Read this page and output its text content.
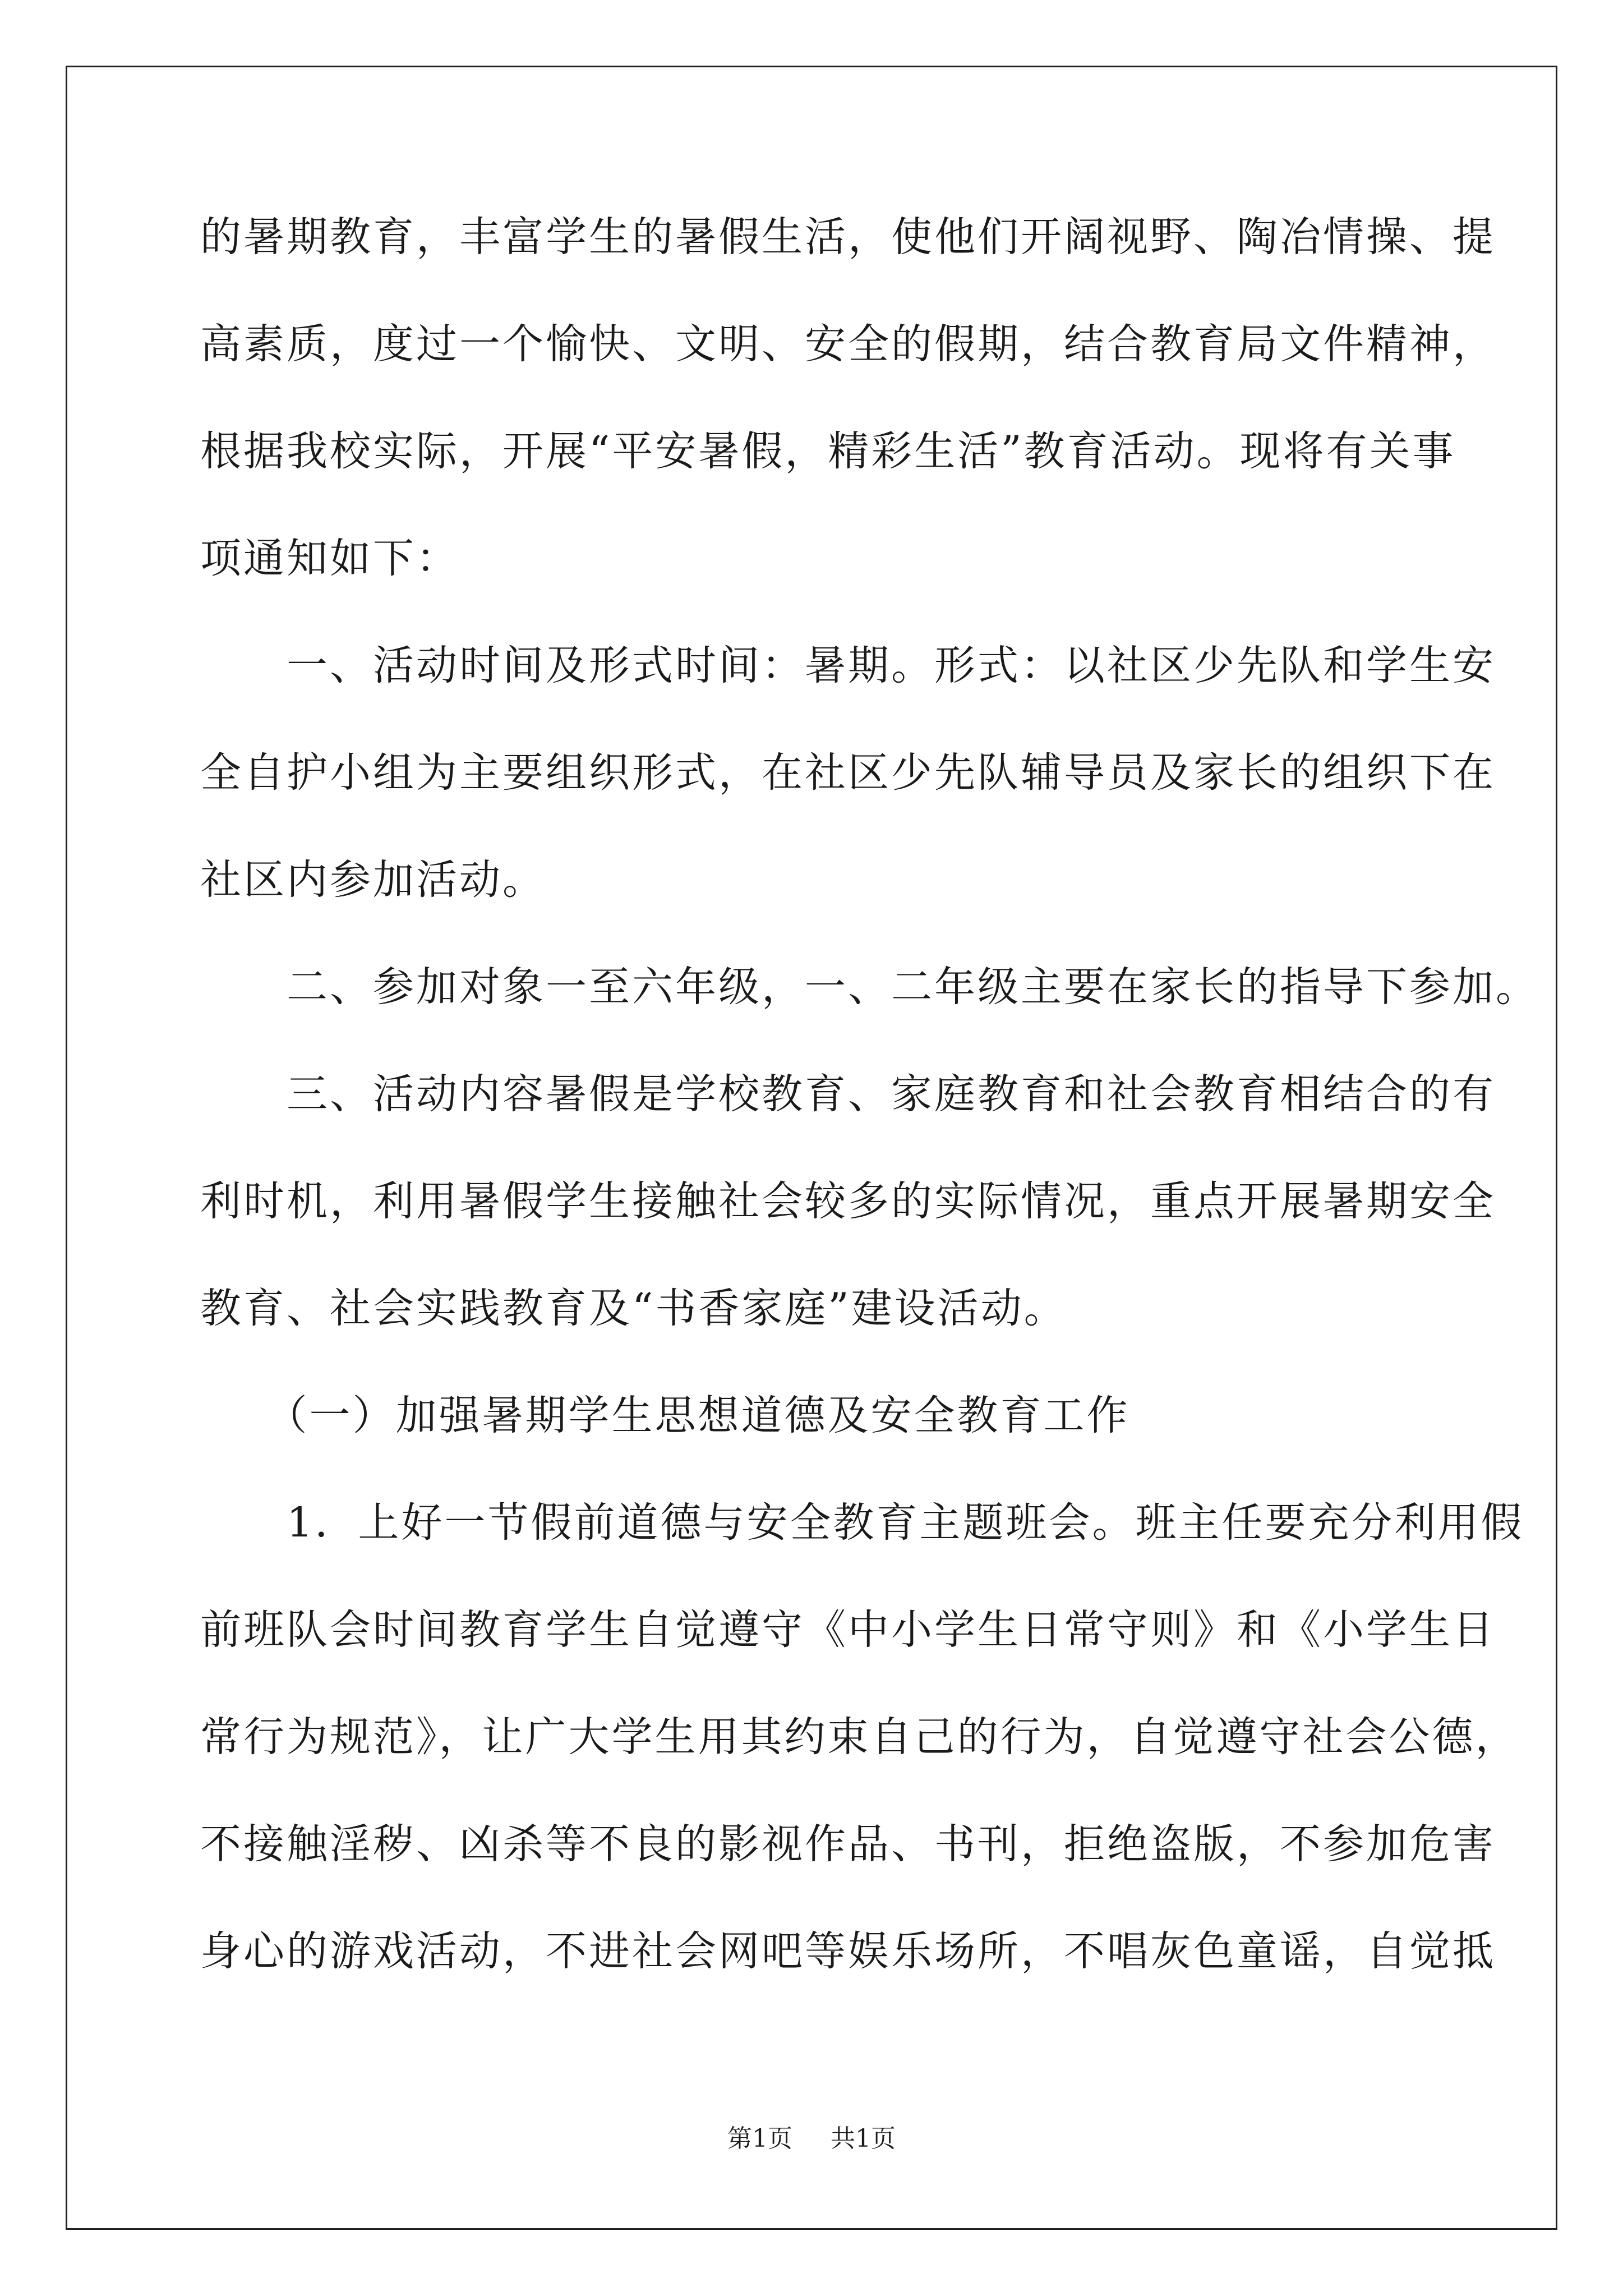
的暑期教育，丰富学生的暑假生活，使他们开阔视野、陶冶情操、提
高素质，度过一个愉快、文明、安全的假期，结合教育局文件精神，
根据我校实际，开展“平安暑假，精彩生活”教育活动。现将有关事
项通知如下：
　　一、活动时间及形式时间：暑期。形式：以社区少先队和学生安
全自护小组为主要组织形式，在社区少先队辅导员及家长的组织下在
社区内参加活动。
　　二、参加对象一至六年级，一、二年级主要在家长的指导下参加。
　　三、活动内容暑假是学校教育、家庭教育和社会教育相结合的有
利时机，利用暑假学生接触社会较多的实际情况，重点开展暑期安全
教育、社会实践教育及“书香家庭”建设活动。
　　（一）加强暑期学生思想道德及安全教育工作
　　1．上好一节假前道德与安全教育主题班会。班主任要充分利用假
前班队会时间教育学生自觉遵守《中小学生日常守则》和《小学生日
常行为规范》，让广大学生用其约束自己的行为，自觉遵守社会公德，
不接触淫秽、凶杀等不良的影视作品、书刊，拒绝盗版，不参加危害
身心的游戏活动，不进社会网吧等娱乐场所，不唱灰色童谣，自觉抵
第1页 共1页
